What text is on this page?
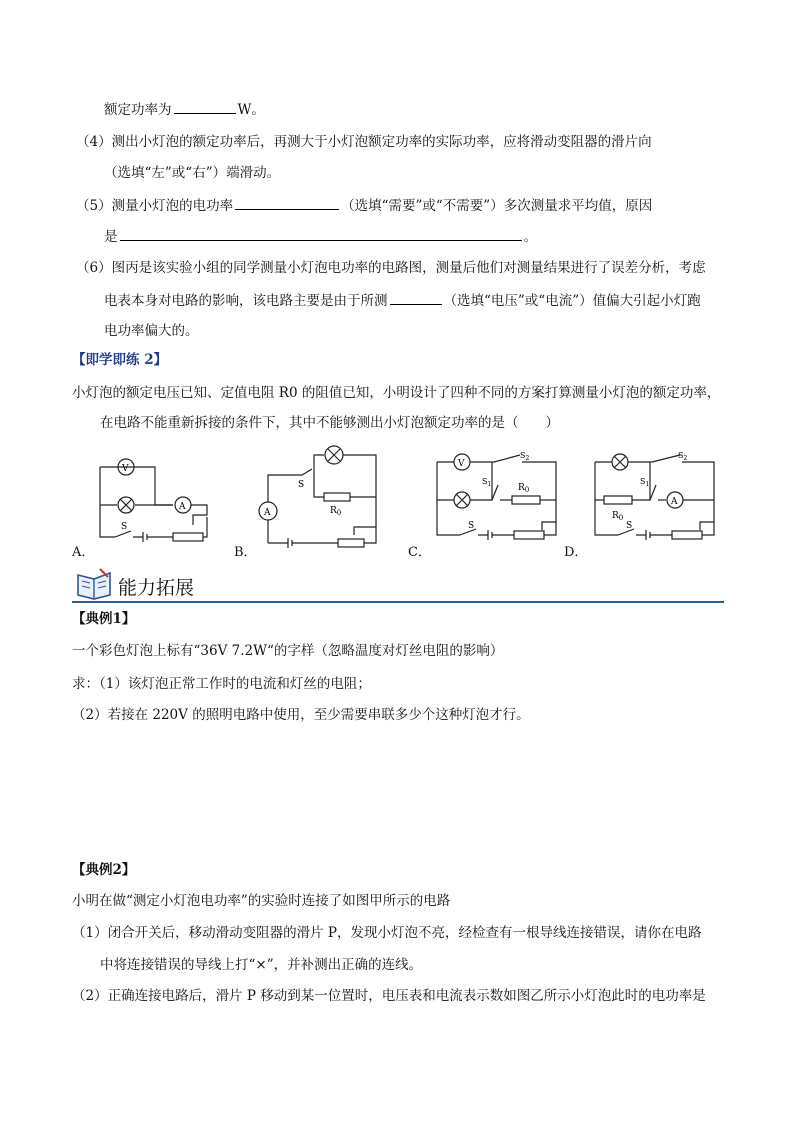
额定功率为	W。
（4）测出小灯泡的额定功率后，再测大于小灯泡额定功率的实际功率，应将滑动变阻器的滑片向
（选填“左”或“右”）端滑动。
（5）测量小灯泡的电功率	（选填“需要”或“不需要”）多次测量求平均值，原因
是	。
（6）图丙是该实验小组的同学测量小灯泡电功率的电路图，测量后他们对测量结果进行了误差分析，考虑
电表本身对电路的影响，该电路主要是由于所测	（选填“电压”或“电流”）值偏大引起小灯跑
电功率偏大的。
【即学即练 2】
小灯泡的额定电压已知、定值电阻 R0 的阻值已知，小明设计了四种不同的方案打算测量小灯泡的额定功率，
在电路不能重新拆接的条件下，其中不能够测出小灯泡额定功率的是（　　）
V
A
S
A
S
$R_0$
V
$S_1$
$S_2$
$R_0$
S
$S_1$
$S_2$
$R_0$
A
S
A．	B．	C．	D．
能力拓展
【典例1】
一个彩色灯泡上标有“36V 7.2W“的字样（忽略温度对灯丝电阻的影响）
求：（1）该灯泡正常工作时的电流和灯丝的电阻；
（2）若接在 220V 的照明电路中使用，至少需要串联多少个这种灯泡才行。
【典例2】
小明在做“测定小灯泡电功率”的实验时连接了如图甲所示的电路
（1）闭合开关后，移动滑动变阻器的滑片 P，发现小灯泡不亮，经检查有一根导线连接错误，请你在电路
中将连接错误的导线上打“×”，并补测出正确的连线。
（2）正确连接电路后，滑片 P 移动到某一位置时，电压表和电流表示数如图乙所示小灯泡此时的电功率是
